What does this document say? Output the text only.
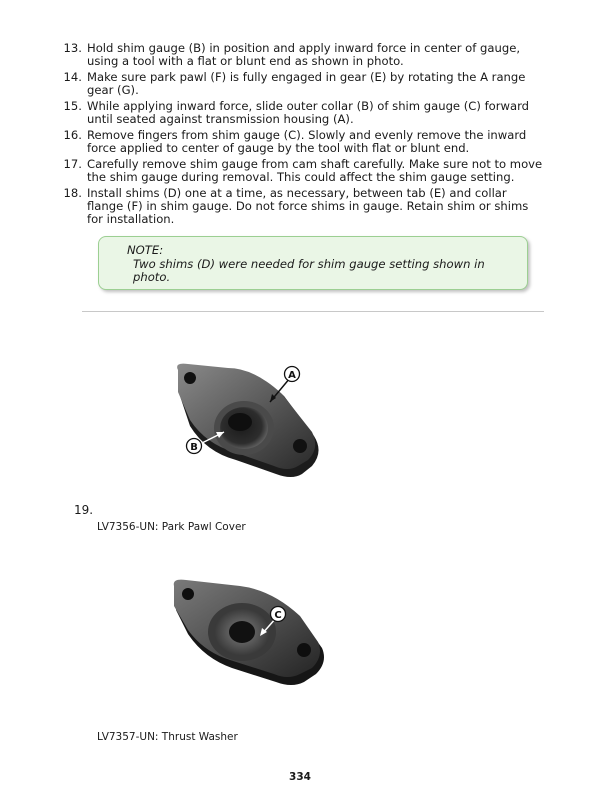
13. Hold shim gauge (B) in position and apply inward force in center of gauge, using a tool with a flat or blunt end as shown in photo.
14. Make sure park pawl (F) is fully engaged in gear (E) by rotating the A range gear (G).
15. While applying inward force, slide outer collar (B) of shim gauge (C) forward until seated against transmission housing (A).
16. Remove fingers from shim gauge (C). Slowly and evenly remove the inward force applied to center of gauge by the tool with flat or blunt end.
17. Carefully remove shim gauge from cam shaft carefully. Make sure not to move the shim gauge during removal. This could affect the shim gauge setting.
18. Install shims (D) one at a time, as necessary, between tab (E) and collar flange (F) in shim gauge. Do not force shims in gauge. Retain shim or shims for installation.
NOTE:
Two shims (D) were needed for shim gauge setting shown in photo.
A
B
19.
LV7356-UN: Park Pawl Cover
C
LV7357-UN: Thrust Washer
334
